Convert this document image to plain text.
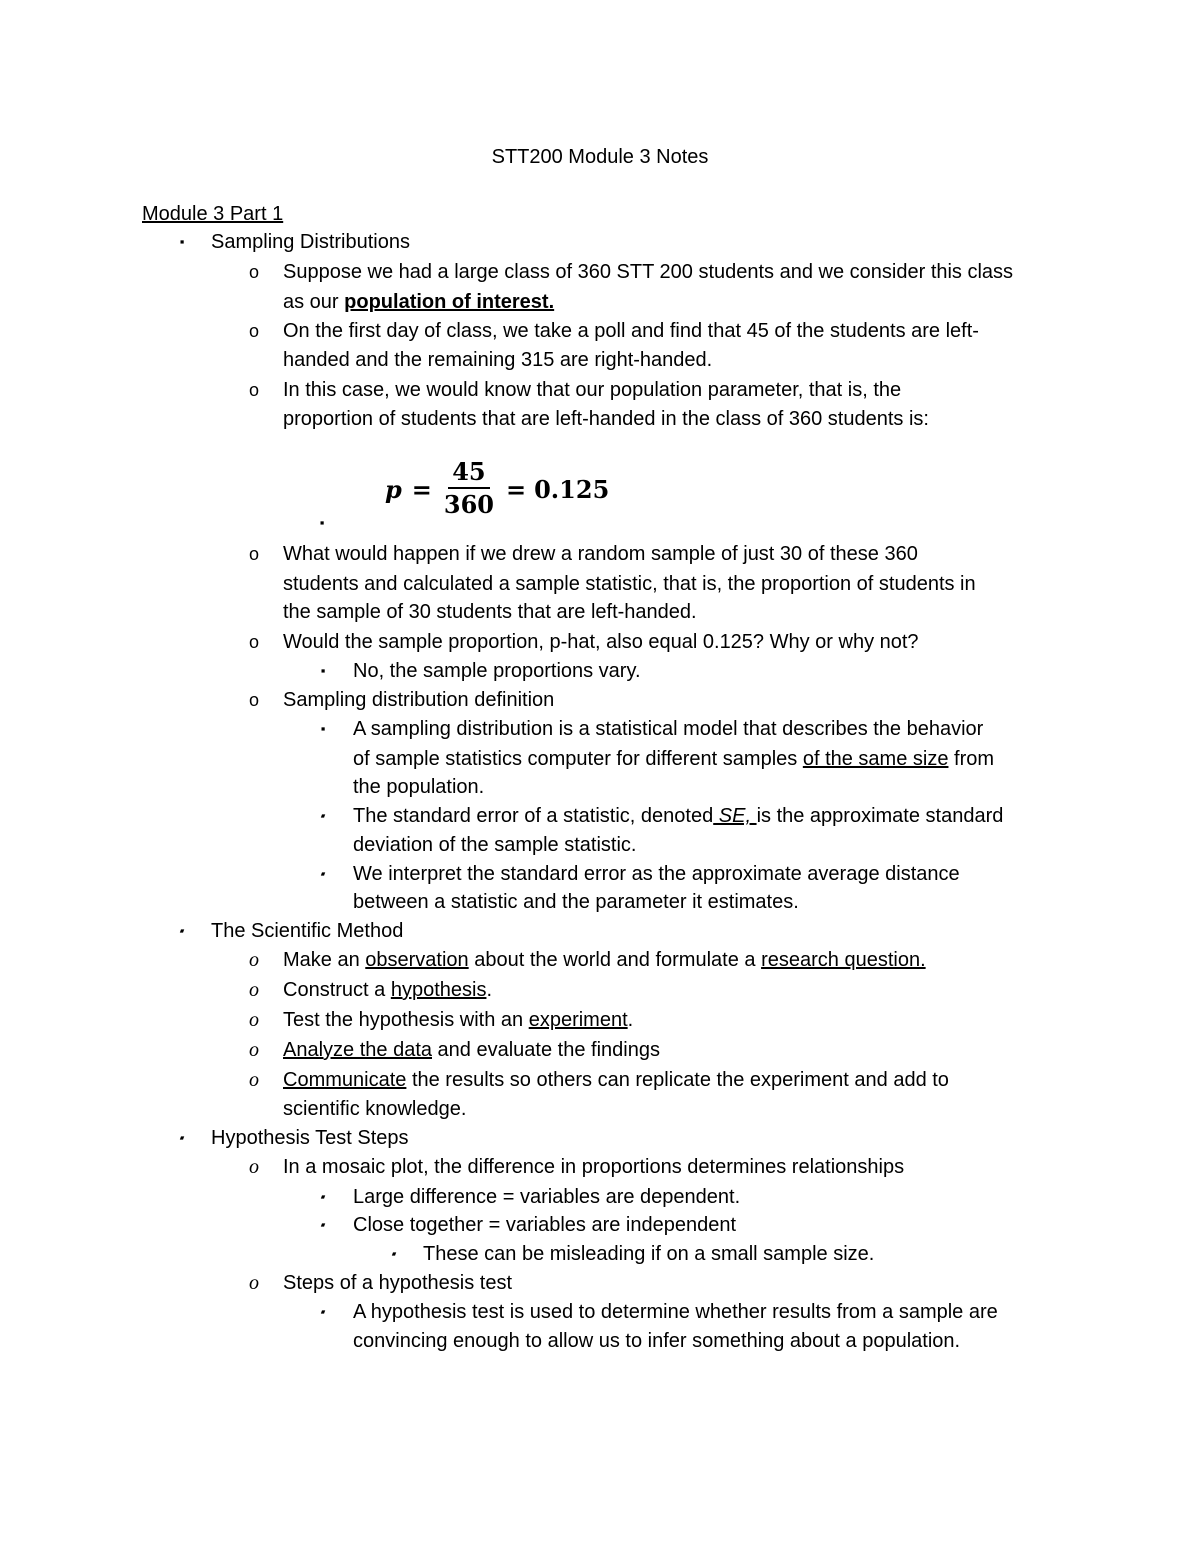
STT200 Module 3 Notes
Module 3 Part 1
▪	Sampling Distributions
o Suppose we had a large class of 360 STT 200 students and we consider this class
as our population of interest.
o On the first day of class, we take a poll and find that 45 of the students are left-
handed and the remaining 315 are right-handed.
o In this case, we would know that our population parameter, that is, the
proportion of students that are left-handed in the class of 360 students is:
$p = \frac{45}{360} = 0.125$
▪
o What would happen if we drew a random sample of just 30 of these 360
students and calculated a sample statistic, that is, the proportion of students in
the sample of 30 students that are left-handed.
o Would the sample proportion, p-hat, also equal 0.125? Why or why not?
▪	No, the sample proportions vary.
o Sampling distribution definition
▪	A sampling distribution is a statistical model that describes the behavior
of sample statistics computer for different samples of the same size from
the population.
▪	The standard error of a statistic, denoted SE, is the approximate standard
deviation of the sample statistic.
▪	We interpret the standard error as the approximate average distance
between a statistic and the parameter it estimates.
▪	The Scientific Method
o Make an observation about the world and formulate a research question.
o Construct a hypothesis.
o Test the hypothesis with an experiment.
o Analyze the data and evaluate the findings
o Communicate the results so others can replicate the experiment and add to
scientific knowledge.
▪	Hypothesis Test Steps
o In a mosaic plot, the difference in proportions determines relationships
▪	Large difference = variables are dependent.
▪	Close together = variables are independent
▪	These can be misleading if on a small sample size.
o Steps of a hypothesis test
▪	A hypothesis test is used to determine whether results from a sample are
convincing enough to allow us to infer something about a population.
